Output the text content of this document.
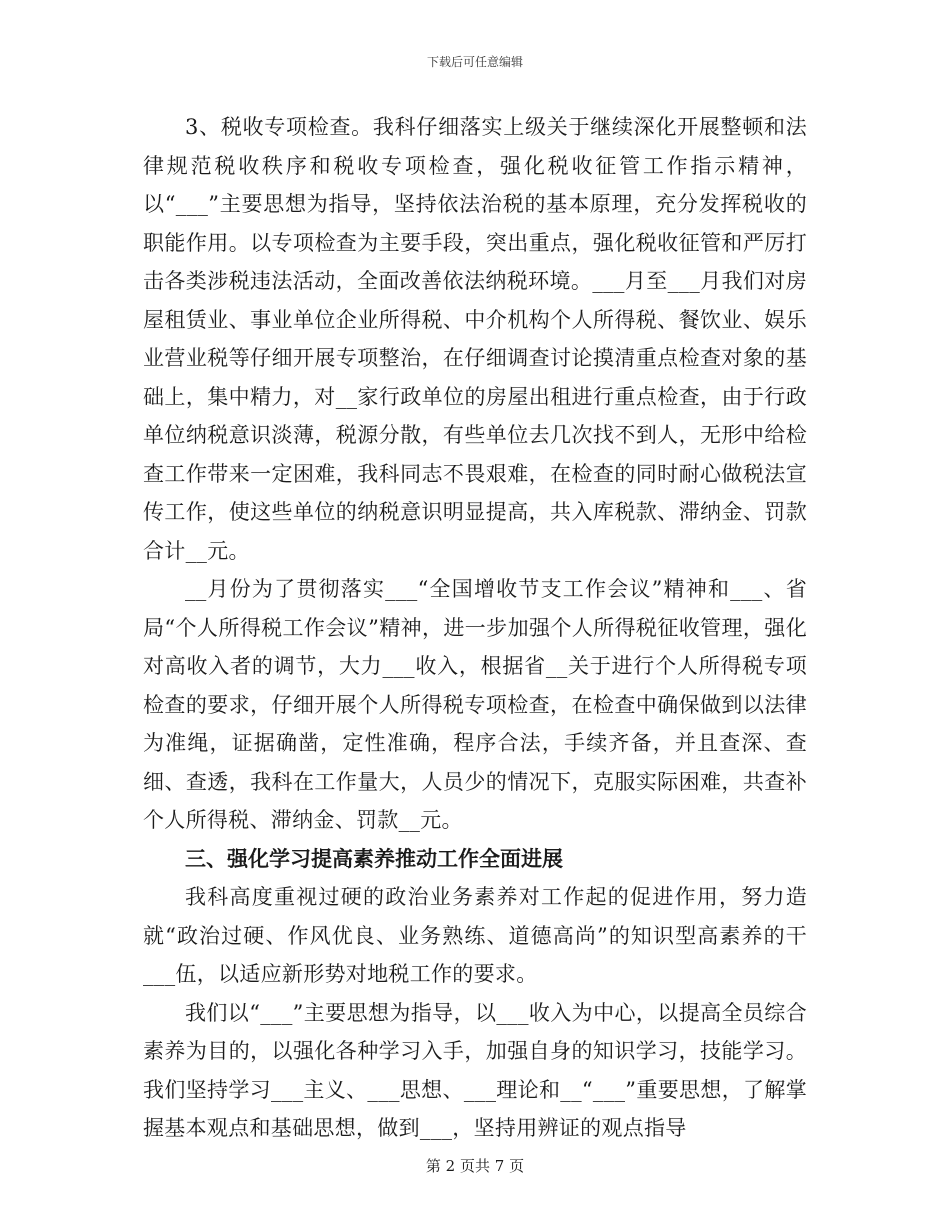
下载后可任意编辑

3、税收专项检查。我科仔细落实上级关于继续深化开展整顿和法律规范税收秩序和税收专项检查，强化税收征管工作指示精神，以“___”主要思想为指导，坚持依法治税的基本原理，充分发挥税收的职能作用。以专项检查为主要手段，突出重点，强化税收征管和严厉打击各类涉税违法活动，全面改善依法纳税环境。___月至___月我们对房屋租赁业、事业单位企业所得税、中介机构个人所得税、餐饮业、娱乐业营业税等仔细开展专项整治，在仔细调查讨论摸清重点检查对象的基础上，集中精力，对__家行政单位的房屋出租进行重点检查，由于行政单位纳税意识淡薄，税源分散，有些单位去几次找不到人，无形中给检查工作带来一定困难，我科同志不畏艰难，在检查的同时耐心做税法宣传工作，使这些单位的纳税意识明显提高，共入库税款、滞纳金、罚款合计__元。

__月份为了贯彻落实___“全国增收节支工作会议”精神和___、省局“个人所得税工作会议”精神，进一步加强个人所得税征收管理，强化对高收入者的调节，大力___收入，根据省__关于进行个人所得税专项检查的要求，仔细开展个人所得税专项检查，在检查中确保做到以法律为准绳，证据确凿，定性准确，程序合法，手续齐备，并且查深、查细、查透，我科在工作量大，人员少的情况下，克服实际困难，共查补个人所得税、滞纳金、罚款__元。

三、强化学习提高素养推动工作全面进展

我科高度重视过硬的政治业务素养对工作起的促进作用，努力造就“政治过硬、作风优良、业务熟练、道德高尚”的知识型高素养的干___伍，以适应新形势对地税工作的要求。

我们以“___”主要思想为指导，以___收入为中心，以提高全员综合素养为目的，以强化各种学习入手，加强自身的知识学习，技能学习。我们坚持学习___主义、___思想、___理论和__“___”重要思想，了解掌握基本观点和基础思想，做到___，坚持用辨证的观点指导

第 2 页共 7 页
